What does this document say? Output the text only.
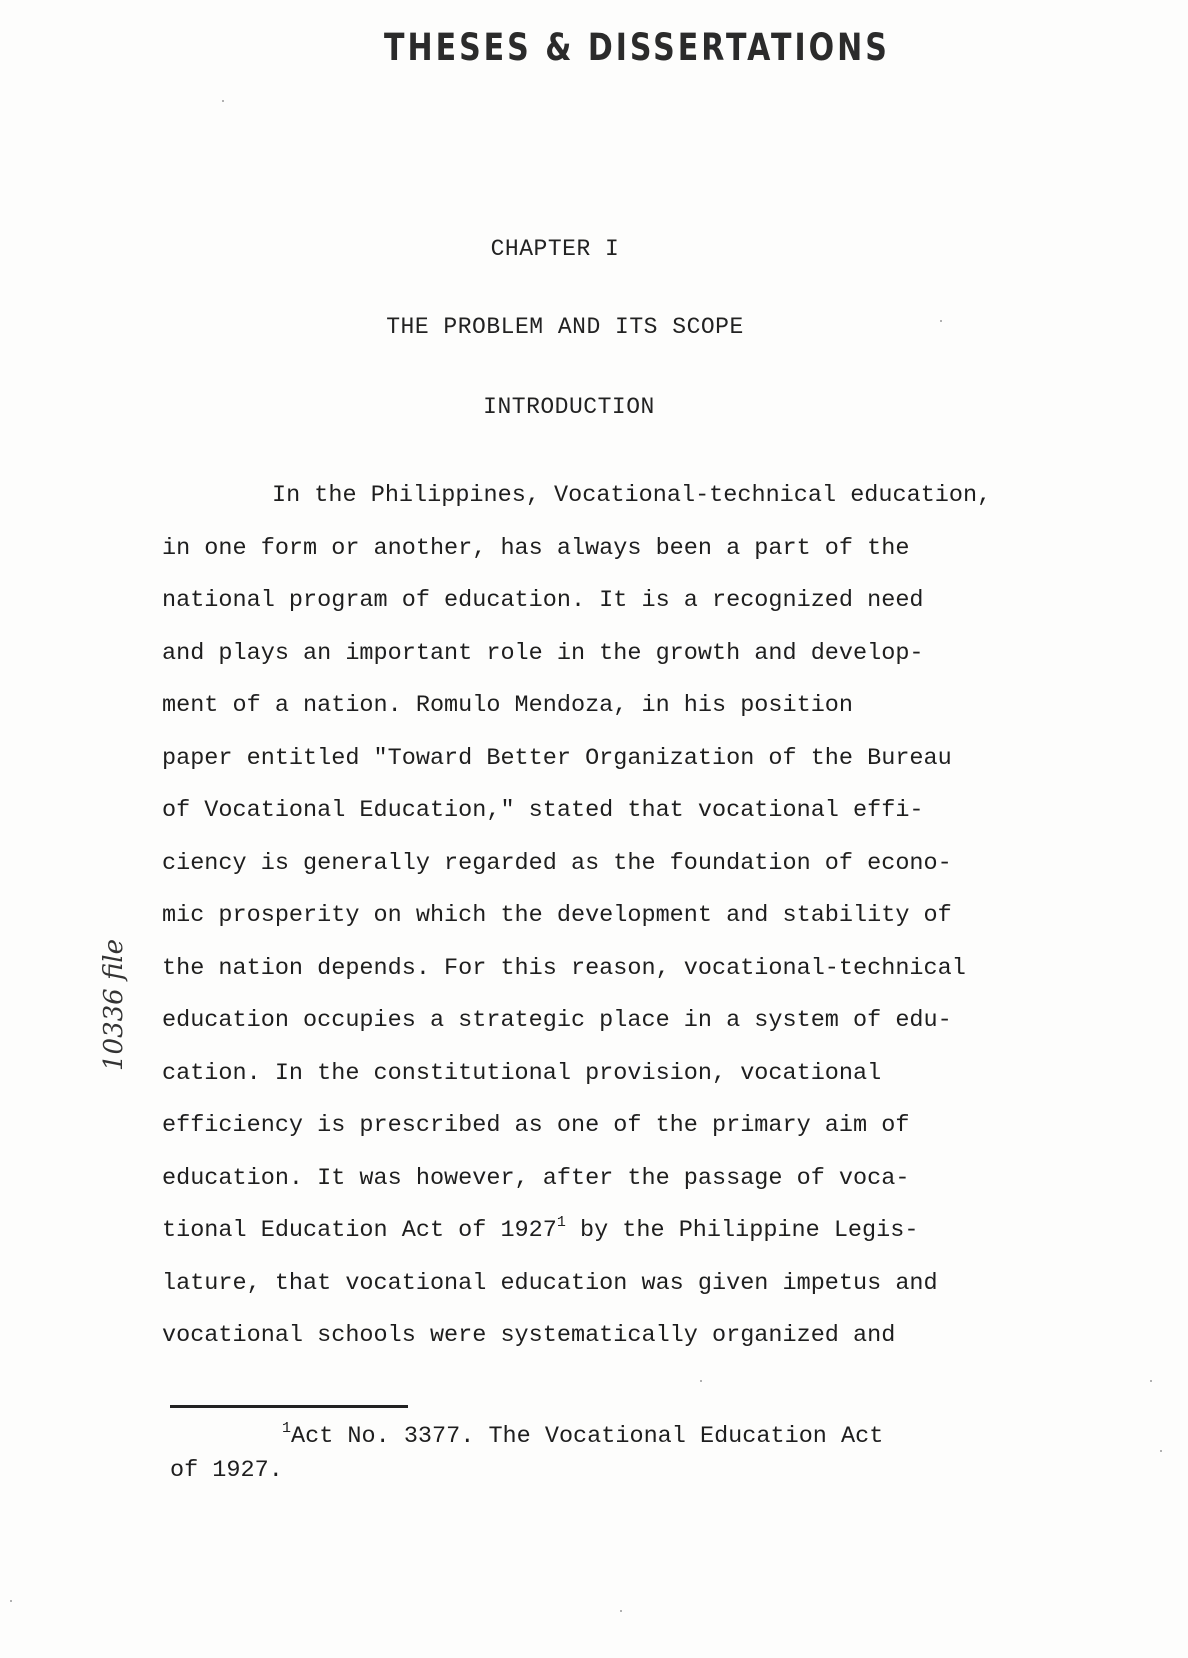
THESES & DISSERTATIONS
CHAPTER I
THE PROBLEM AND ITS SCOPE
INTRODUCTION
In the Philippines, Vocational-technical education,
in one form or another, has always been a part of the
national program of education. It is a recognized need
and plays an important role in the growth and develop-
ment of a nation. Romulo Mendoza, in his position
paper entitled "Toward Better Organization of the Bureau
of Vocational Education," stated that vocational effi-
ciency is generally regarded as the foundation of econo-
mic prosperity on which the development and stability of
the nation depends. For this reason, vocational-technical
education occupies a strategic place in a system of edu-
cation. In the constitutional provision, vocational
efficiency is prescribed as one of the primary aim of
education. It was however, after the passage of voca-
tional Education Act of 1927$^1$ by the Philippine Legis-
lature, that vocational education was given impetus and
vocational schools were systematically organized and
$^1$Act No. 3377. The Vocational Education Act
of 1927.
10336 file
